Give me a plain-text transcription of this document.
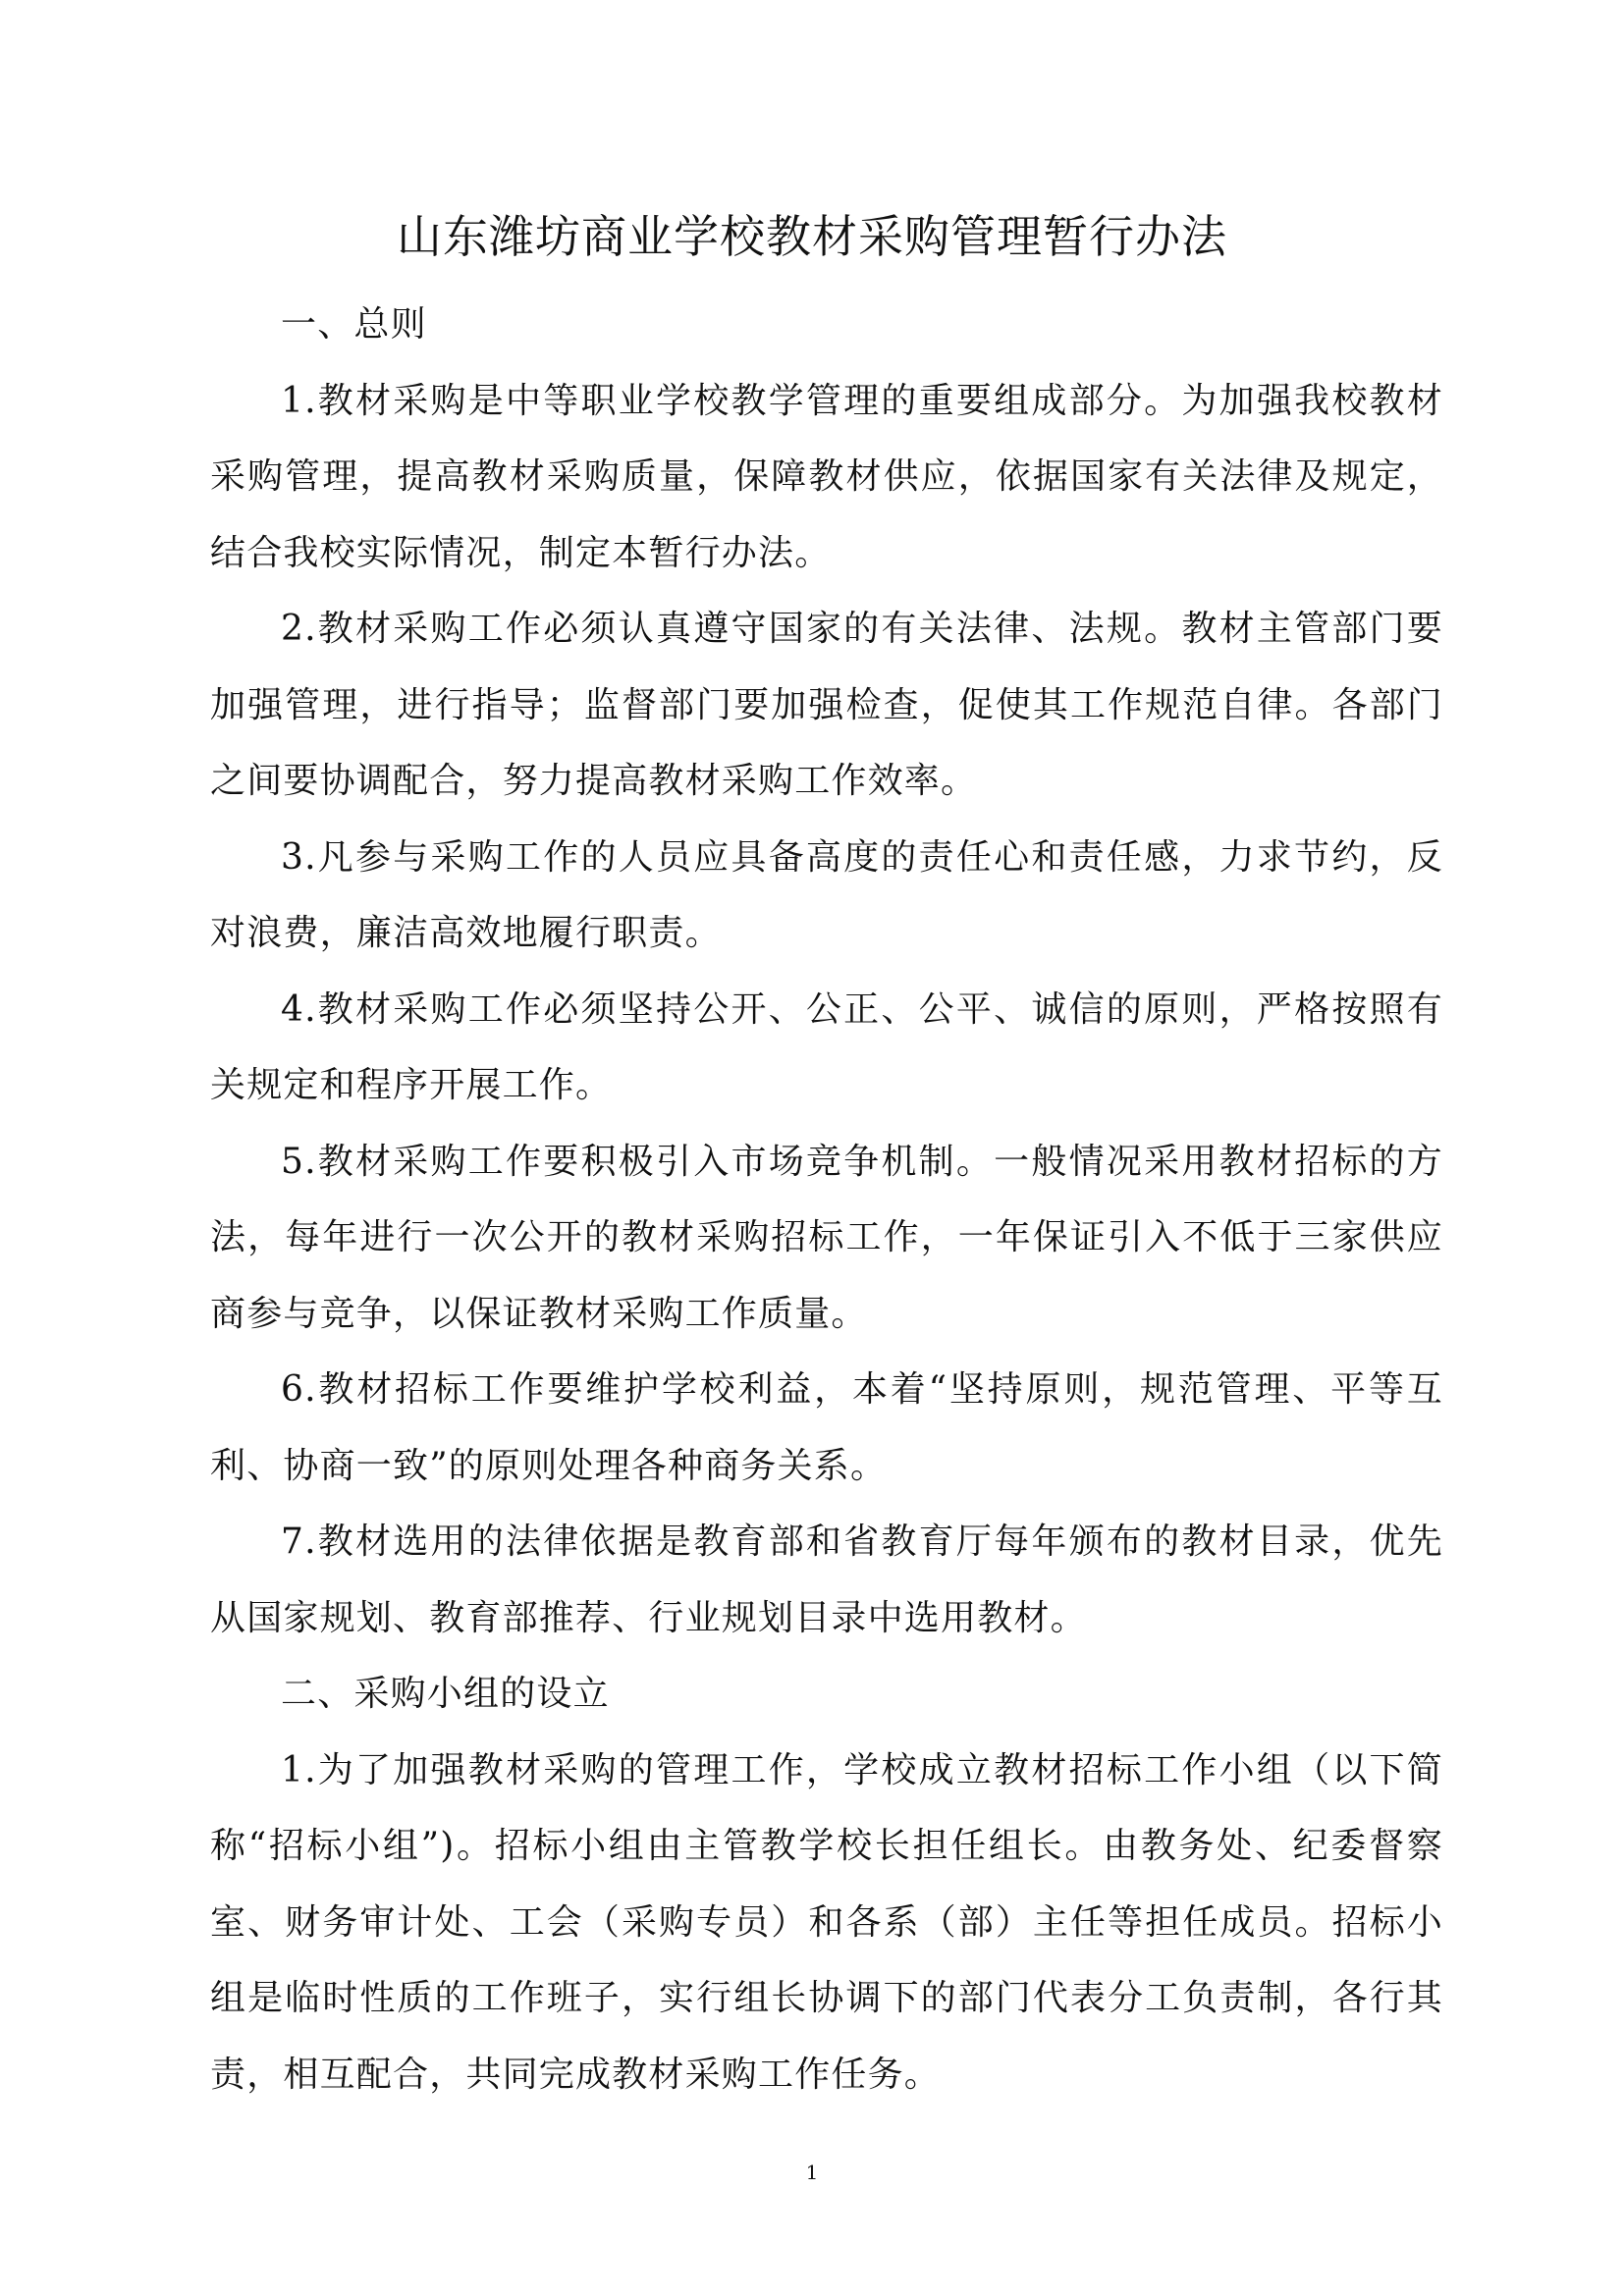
山东潍坊商业学校教材采购管理暂行办法

一、总则

1.教材采购是中等职业学校教学管理的重要组成部分。为加强我校教材采购管理，提高教材采购质量，保障教材供应，依据国家有关法律及规定，结合我校实际情况，制定本暂行办法。

2.教材采购工作必须认真遵守国家的有关法律、法规。教材主管部门要加强管理，进行指导；监督部门要加强检查，促使其工作规范自律。各部门之间要协调配合，努力提高教材采购工作效率。

3.凡参与采购工作的人员应具备高度的责任心和责任感，力求节约，反对浪费，廉洁高效地履行职责。

4.教材采购工作必须坚持公开、公正、公平、诚信的原则，严格按照有关规定和程序开展工作。

5.教材采购工作要积极引入市场竞争机制。一般情况采用教材招标的方法，每年进行一次公开的教材采购招标工作，一年保证引入不低于三家供应商参与竞争，以保证教材采购工作质量。

6.教材招标工作要维护学校利益，本着“坚持原则，规范管理、平等互利、协商一致”的原则处理各种商务关系。

7.教材选用的法律依据是教育部和省教育厅每年颁布的教材目录，优先从国家规划、教育部推荐、行业规划目录中选用教材。

二、采购小组的设立

1.为了加强教材采购的管理工作，学校成立教材招标工作小组（以下简称“招标小组”)。招标小组由主管教学校长担任组长。由教务处、纪委督察室、财务审计处、工会（采购专员）和各系（部）主任等担任成员。招标小组是临时性质的工作班子，实行组长协调下的部门代表分工负责制，各行其责，相互配合，共同完成教材采购工作任务。

1
